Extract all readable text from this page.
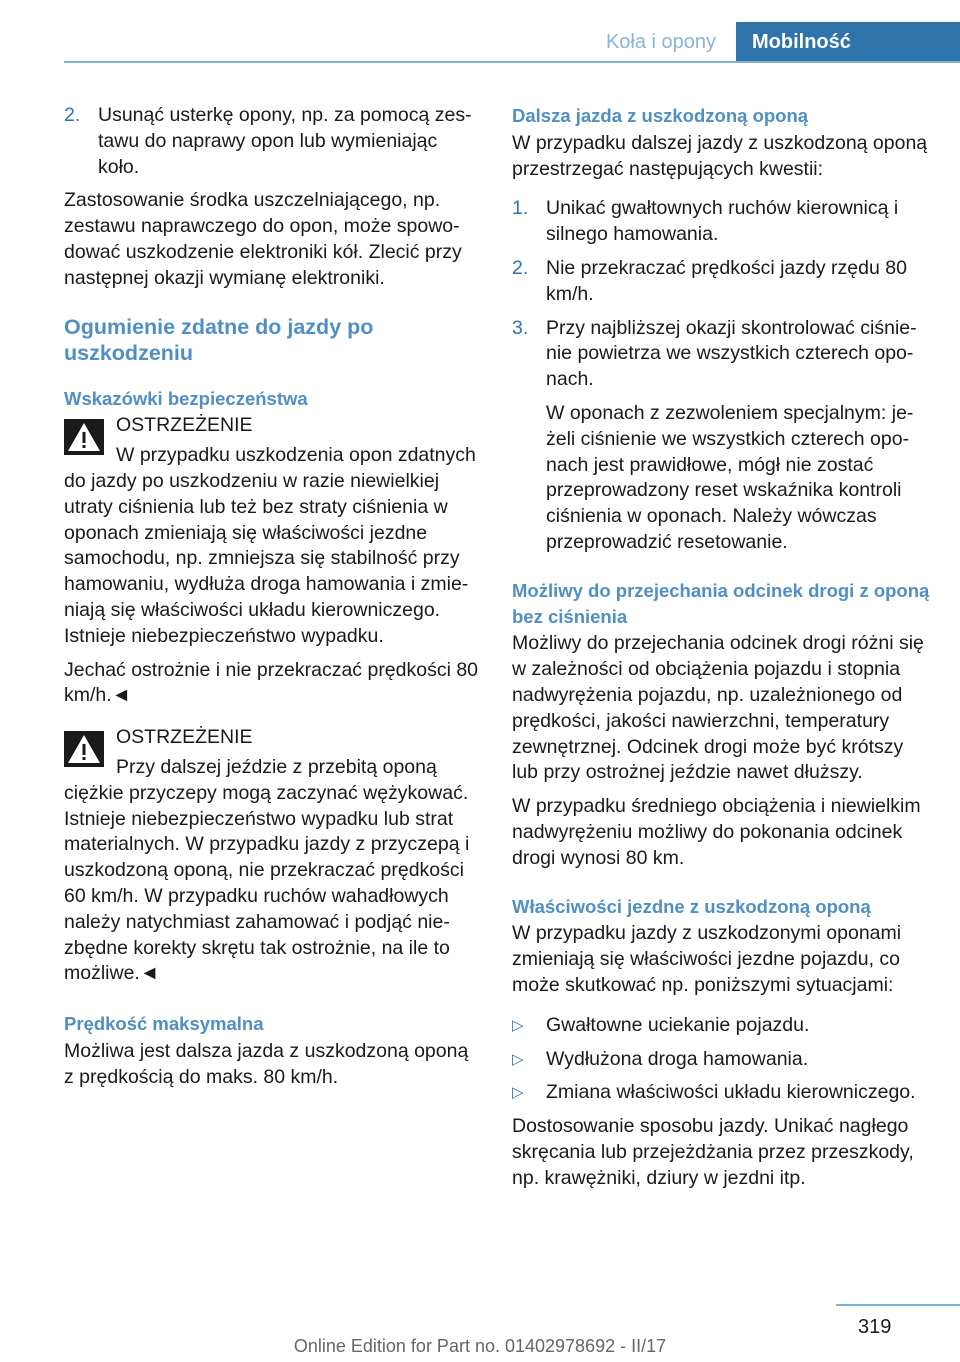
Koła i opony	Mobilność
2. Usunąć usterkę opony, np. za pomocą zestawu do naprawy opon lub wymieniając koło.

Zastosowanie środka uszczelniającego, np. zestawu naprawczego do opon, może spowodować uszkodzenie elektroniki kół. Zlecić przy następnej okazji wymianę elektroniki.

Ogumienie zdatne do jazdy po uszkodzeniu
Wskazówki bezpieczeństwa
OSTRZEŻENIE

W przypadku uszkodzenia opon zdatnych do jazdy po uszkodzeniu w razie niewielkiej utraty ciśnienia lub też bez straty ciśnienia w oponach zmieniają się właściwości jezdne samochodu, np. zmniejsza się stabilność przy hamowaniu, wydłuża droga hamowania i zmieniają się właściwości układu kierowniczego. Istnieje niebezpieczeństwo wypadku.

Jechać ostrożnie i nie przekraczać prędkości 80 km/h.◄

OSTRZEŻENIE

Przy dalszej jeździe z przebitą oponą ciężkie przyczepy mogą zaczynać wężykować. Istnieje niebezpieczeństwo wypadku lub strat materialnych. W przypadku jazdy z przyczepą i uszkodzoną oponą, nie przekraczać prędkości 60 km/h. W przypadku ruchów wahadłowych należy natychmiast zahamować i podjąć niezbędne korekty skrętu tak ostrożnie, na ile to możliwe.◄

Prędkość maksymalna

Możliwa jest dalsza jazda z uszkodzoną oponą z prędkością do maks. 80 km/h.

Dalsza jazda z uszkodzoną oponą

W przypadku dalszej jazdy z uszkodzoną oponą przestrzegać następujących kwestii:

1. Unikać gwałtownych ruchów kierownicą i silnego hamowania.
2. Nie przekraczać prędkości jazdy rzędu 80 km/h.
3. Przy najbliższej okazji skontrolować ciśnienie powietrza we wszystkich czterech oponach.

W oponach z zezwoleniem specjalnym: jeżeli ciśnienie we wszystkich czterech oponach jest prawidłowe, mógł nie zostać przeprowadzony reset wskaźnika kontroli ciśnienia w oponach. Należy wówczas przeprowadzić resetowanie.

Możliwy do przejechania odcinek drogi z oponą bez ciśnienia

Możliwy do przejechania odcinek drogi różni się w zależności od obciążenia pojazdu i stopnia nadwyrężenia pojazdu, np. uzależnionego od prędkości, jakości nawierzchni, temperatury zewnętrznej. Odcinek drogi może być krótszy lub przy ostrożnej jeździe nawet dłuższy.

W przypadku średniego obciążenia i niewielkim nadwyrężeniu możliwy do pokonania odcinek drogi wynosi 80 km.

Właściwości jezdne z uszkodzoną oponą

W przypadku jazdy z uszkodzonymi oponami zmieniają się właściwości jezdne pojazdu, co może skutkować np. poniższymi sytuacjami:

▷	Gwałtowne uciekanie pojazdu.
▷	Wydłużona droga hamowania.
▷	Zmiana właściwości układu kierowniczego.

Dostosowanie sposobu jazdy. Unikać nagłego skręcania lub przejeżdżania przez przeszkody, np. krawężniki, dziury w jezdni itp.

319
Online Edition for Part no. 01402978692 - II/17
